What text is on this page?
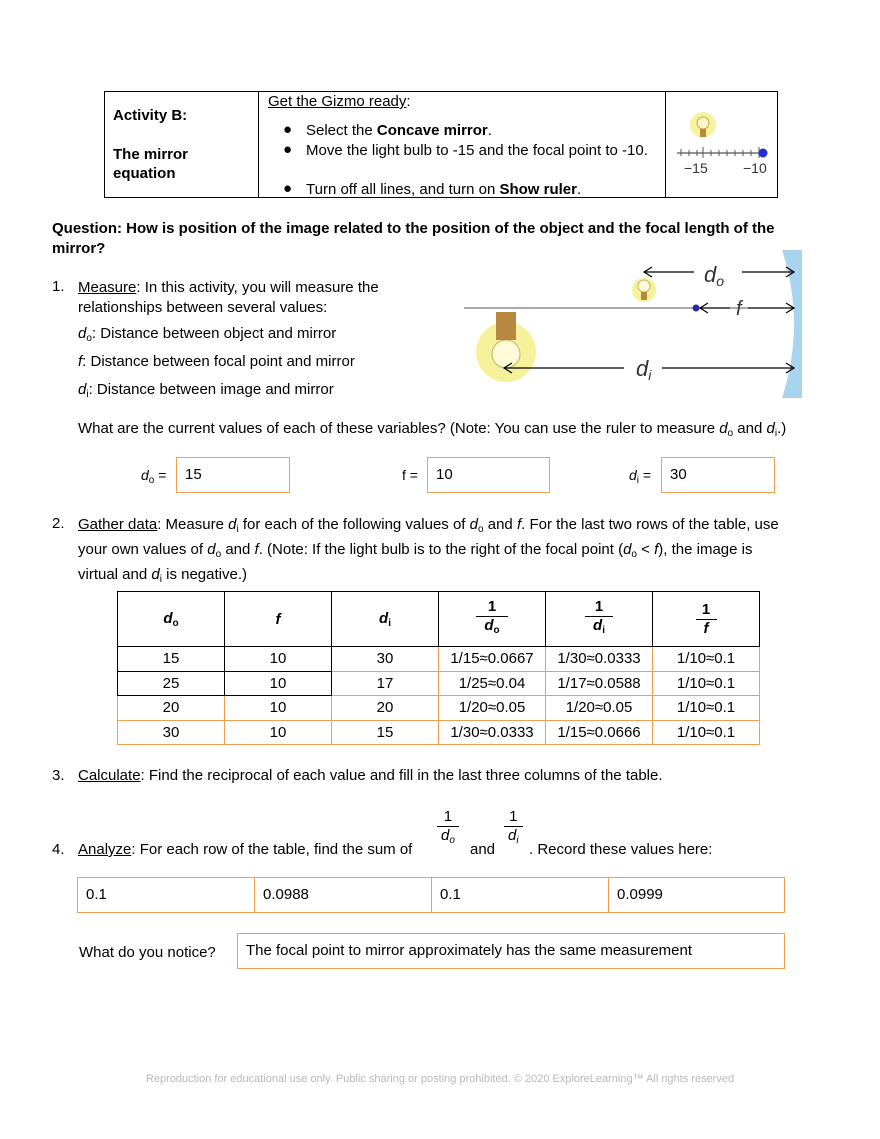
Activity B:
The mirror
equation
Get the Gizmo ready:
● Select the Concave mirror.
● Move the light bulb to -15 and the focal point to -10.
● Turn off all lines, and turn on Show ruler.
−15	−10
Question: How is position of the image related to the position of the object and the focal length of the mirror?
1. Measure: In this activity, you will measure the
relationships between several values:
$d_o$: Distance between object and mirror
f: Distance between focal point and mirror
$d_i$: Distance between image and mirror
do
f
di
What are the current values of each of these variables? (Note: You can use the ruler to measure $d_o$ and $d_i$.)
$d_o$ =	15	f =	10	$d_i$ =	30
2. Gather data: Measure $d_i$ for each of the following values of $d_o$ and f. For the last two rows of the table, use
your own values of $d_o$ and f. (Note: If the light bulb is to the right of the focal point $(d_o < f)$, the image is
virtual and $d_i$ is negative.)
$d_o$	f	$d_i$	$\frac{1}{d_o}$	$\frac{1}{d_i}$	$\frac{1}{f}$

15	10	30	1/15≈0.0667	1/30≈0.0333	1/10≈0.1
25	10	17	1/25≈0.04	1/17≈0.0588	1/10≈0.1
20	10	20	1/20≈0.05	1/20≈0.05	1/10≈0.1
30	10	15	1/30≈0.0333	1/15≈0.0666	1/10≈0.1
3. Calculate: Find the reciprocal of each value and fill in the last three columns of the table.
4. Analyze: For each row of the table, find the sum of $\frac{1}{d_o}$ and $\frac{1}{d_i}$ . Record these values here:
0.1	0.0988	0.1	0.0999
What do you notice?	The focal point to mirror approximately has the same measurement
Reproduction for educational use only. Public sharing or posting prohibited. © 2020 ExploreLearning™ All rights reserved
